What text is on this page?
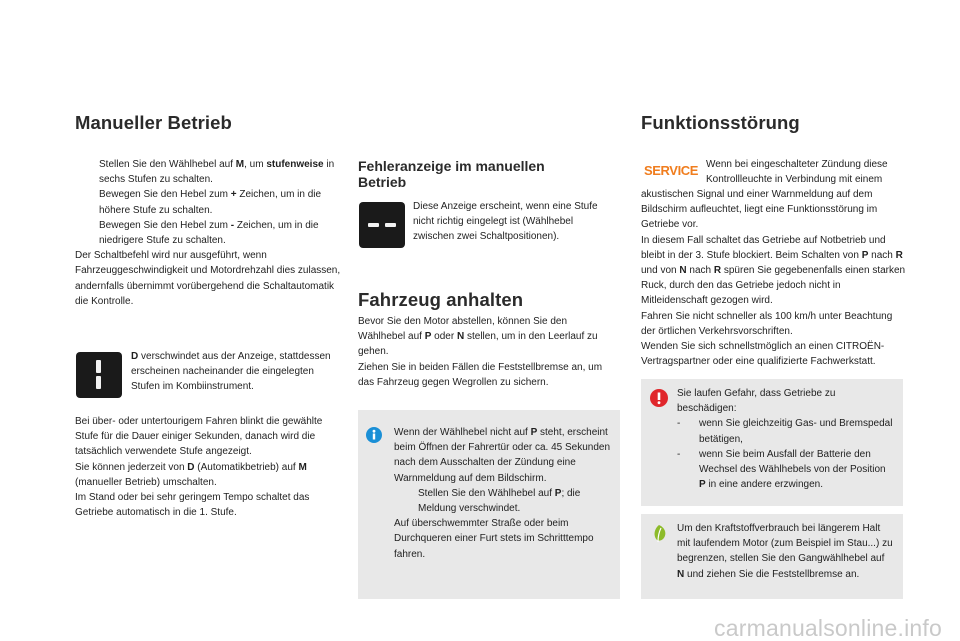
Manueller Betrieb
Stellen Sie den Wählhebel auf M, um stufenweise in sechs Stufen zu schalten.
Bewegen Sie den Hebel zum + Zeichen, um in die höhere Stufe zu schalten.
Bewegen Sie den Hebel zum - Zeichen, um in die niedrigere Stufe zu schalten.

Der Schaltbefehl wird nur ausgeführt, wenn Fahrzeuggeschwindigkeit und Motordrehzahl dies zulassen, andernfalls übernimmt vorübergehend die Schaltautomatik die Kontrolle.

D verschwindet aus der Anzeige, stattdessen erscheinen nacheinander die eingelegten Stufen im Kombiinstrument.

Bei über- oder untertourigem Fahren blinkt die gewählte Stufe für die Dauer einiger Sekunden, danach wird die tatsächlich verwendete Stufe angezeigt.

Sie können jederzeit von D (Automatikbetrieb) auf M (manueller Betrieb) umschalten.

Im Stand oder bei sehr geringem Tempo schaltet das Getriebe automatisch in die 1. Stufe.

Fehleranzeige im manuellen Betrieb

Diese Anzeige erscheint, wenn eine Stufe nicht richtig eingelegt ist (Wählhebel zwischen zwei Schaltpositionen).

Fahrzeug anhalten

Bevor Sie den Motor abstellen, können Sie den Wählhebel auf P oder N stellen, um in den Leerlauf zu gehen.

Ziehen Sie in beiden Fällen die Feststellbremse an, um das Fahrzeug gegen Wegrollen zu sichern.

Wenn der Wählhebel nicht auf P steht, erscheint beim Öffnen der Fahrertür oder ca. 45 Sekunden nach dem Ausschalten der Zündung eine Warnmeldung auf dem Bildschirm.

Stellen Sie den Wählhebel auf P; die Meldung verschwindet.

Auf überschwemmter Straße oder beim Durchqueren einer Furt stets im Schritttempo fahren.

Funktionsstörung
SERVICE Wenn bei eingeschalteter Zündung diese Kontrollleuchte in Verbindung mit einem

akustischen Signal und einer Warnmeldung auf dem Bildschirm aufleuchtet, liegt eine Funktionsstörung im Getriebe vor.

In diesem Fall schaltet das Getriebe auf Notbetrieb und bleibt in der 3. Stufe blockiert. Beim Schalten von P nach R und von N nach R spüren Sie gegebenenfalls einen starken Ruck, durch den das Getriebe jedoch nicht in Mitleidenschaft gezogen wird.

Fahren Sie nicht schneller als 100 km/h unter Beachtung der örtlichen Verkehrsvorschriften.

Wenden Sie sich schnellstmöglich an einen CITROËN-Vertragspartner oder eine qualifizierte Fachwerkstatt.

Sie laufen Gefahr, dass Getriebe zu beschädigen:

- wenn Sie gleichzeitig Gas- und Bremspedal betätigen,
- wenn Sie beim Ausfall der Batterie den Wechsel des Wählhebels von der Position P in eine andere erzwingen.

Um den Kraftstoffverbrauch bei längerem Halt mit laufendem Motor (zum Beispiel im Stau...) zu begrenzen, stellen Sie den Gangwählhebel auf N und ziehen Sie die Feststellbremse an.

carmanualsonline.info
